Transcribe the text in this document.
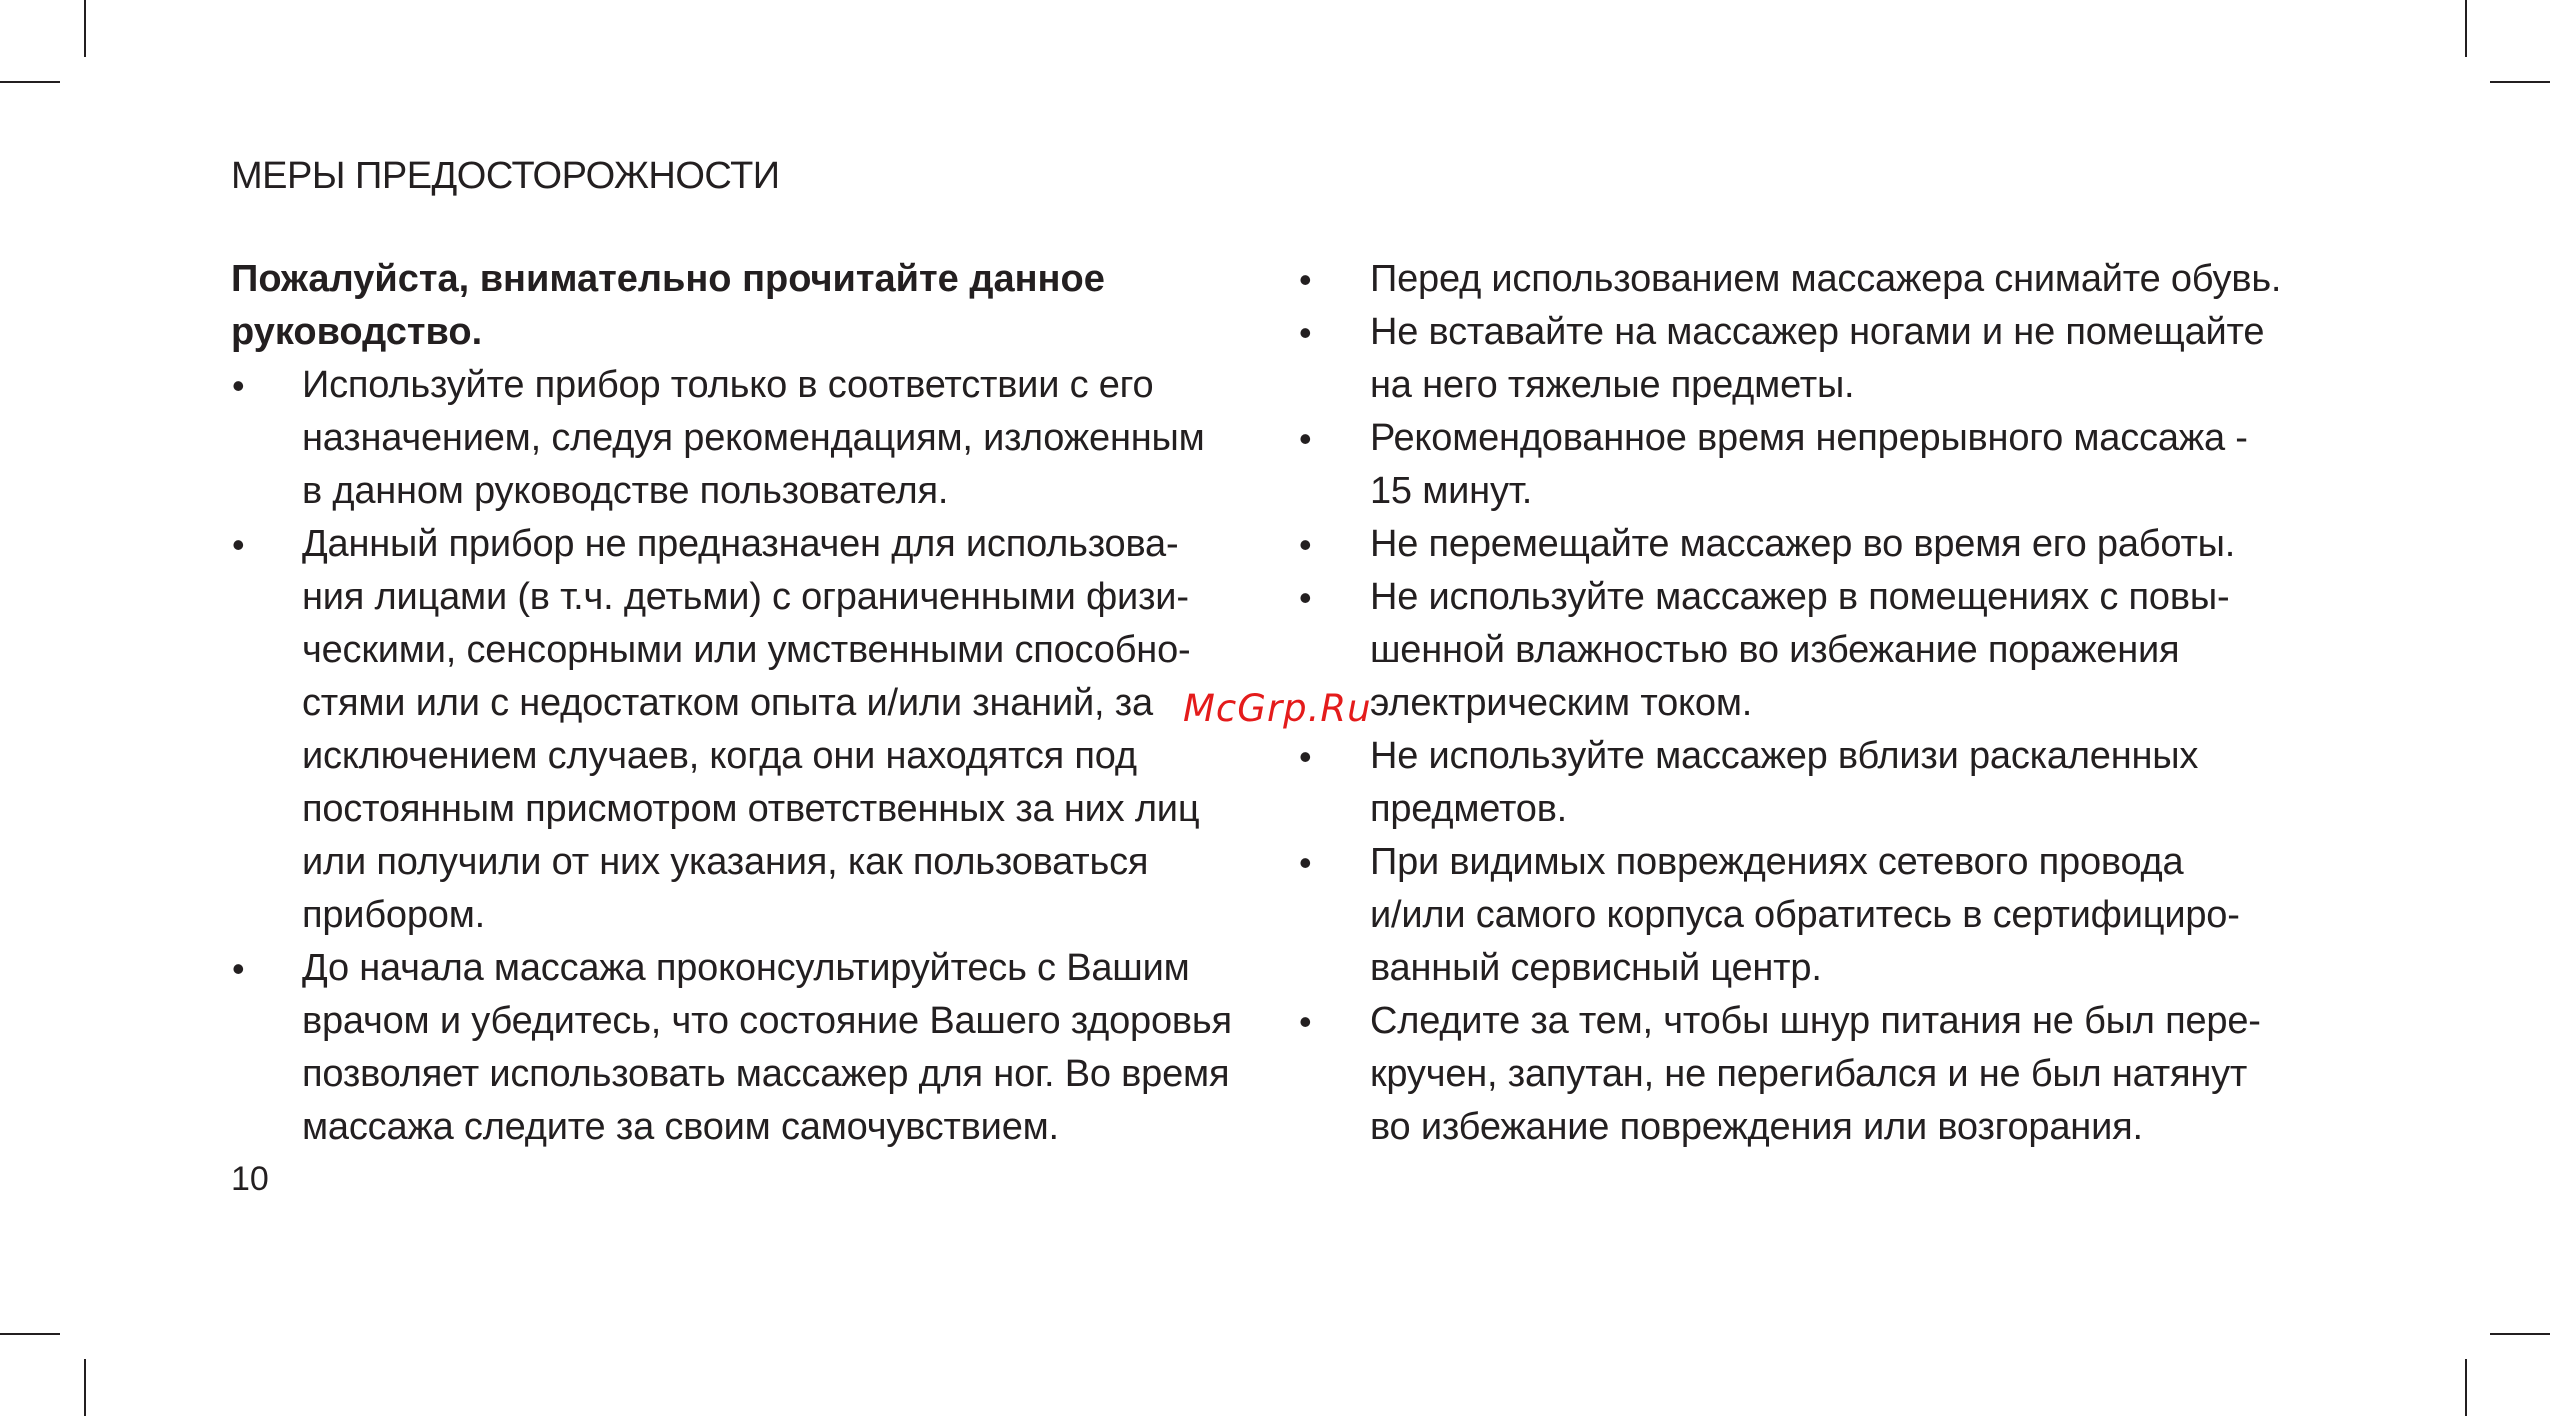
МЕРЫ ПРЕДОСТОРОЖНОСТИ
Пожалуйста, внимательно прочитайте данное
руководство.
• Используйте прибор только в соответствии с его
назначением, следуя рекомендациям, изложенным
в данном руководстве пользователя.
• Данный прибор не предназначен для использова-
ния лицами (в т.ч. детьми) с ограниченными физи-
ческими, сенсорными или умственными способно-
стями или с недостатком опыта и/или знаний, за
исключением случаев, когда они находятся под
постоянным присмотром ответственных за них лиц
или получили от них указания, как пользоваться
прибором.
• До начала массажа проконсультируйтесь с Вашим
врачом и убедитесь, что состояние Вашего здоровья
позволяет использовать массажер для ног. Во время
массажа следите за своим самочувствием.
• Перед использованием массажера снимайте обувь.
• Не вставайте на массажер ногами и не помещайте
на него тяжелые предметы.
• Рекомендованное время непрерывного массажа -
15 минут.
• Не перемещайте массажер во время его работы.
• Не используйте массажер в помещениях с повы-
шенной влажностью во избежание поражения
электрическим током.
• Не используйте массажер вблизи раскаленных
предметов.
• При видимых повреждениях сетевого провода
и/или самого корпуса обратитесь в сертифициро-
ванный сервисный центр.
• Следите за тем, чтобы шнур питания не был пере-
кручен, запутан, не перегибался и не был натянут
во избежание повреждения или возгорания.
McGrp.Ru
10
